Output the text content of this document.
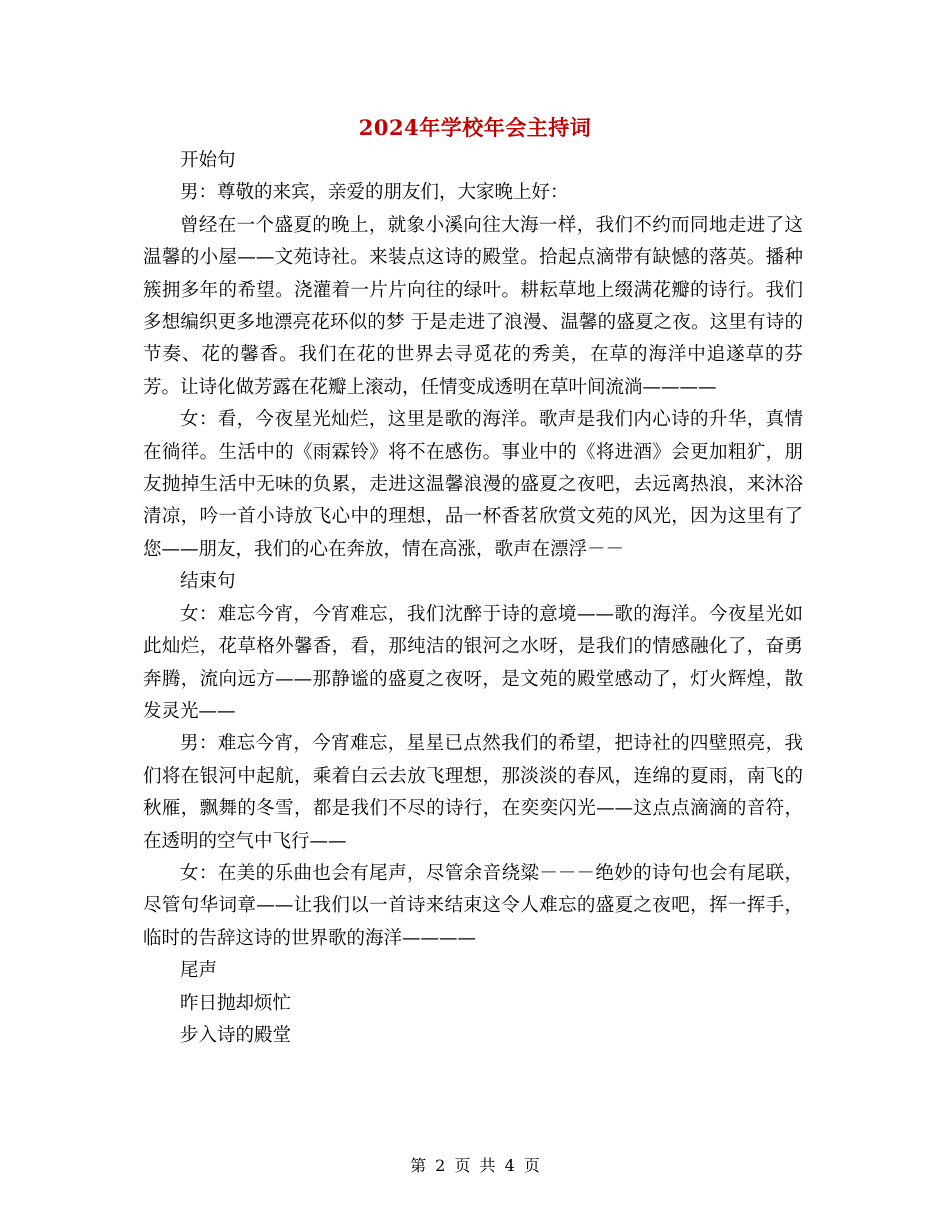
2024年学校年会主持词

开始句

男：尊敬的来宾，亲爱的朋友们，大家晚上好：

曾经在一个盛夏的晚上，就象小溪向往大海一样，我们不约而同地走进了这温馨的小屋——文苑诗社。来装点这诗的殿堂。拾起点滴带有缺憾的落英。播种簇拥多年的希望。浇灌着一片片向往的绿叶。耕耘草地上缀满花瓣的诗行。我们多想编织更多地漂亮花环似的梦 于是走进了浪漫、温馨的盛夏之夜。这里有诗的节奏、花的馨香。我们在花的世界去寻觅花的秀美，在草的海洋中追遂草的芬芳。让诗化做芳露在花瓣上滚动，任情变成透明在草叶间流淌————

女：看，今夜星光灿烂，这里是歌的海洋。歌声是我们内心诗的升华，真情在徜徉。生活中的《雨霖铃》将不在感伤。事业中的《将进酒》会更加粗犷，朋友抛掉生活中无味的负累，走进这温馨浪漫的盛夏之夜吧，去远离热浪，来沐浴清凉，吟一首小诗放飞心中的理想，品一杯香茗欣赏文苑的风光，因为这里有了您——朋友，我们的心在奔放，情在高涨，歌声在漂浮－－

结束句

女：难忘今宵，今宵难忘，我们沈醉于诗的意境——歌的海洋。今夜星光如此灿烂，花草格外馨香，看，那纯洁的银河之水呀，是我们的情感融化了，奋勇奔腾，流向远方——那静谧的盛夏之夜呀，是文苑的殿堂感动了，灯火辉煌，散发灵光——

男：难忘今宵，今宵难忘，星星已点然我们的希望，把诗社的四壁照亮，我们将在银河中起航，乘着白云去放飞理想，那淡淡的春风，连绵的夏雨，南飞的秋雁，飘舞的冬雪，都是我们不尽的诗行，在奕奕闪光——这点点滴滴的音符，在透明的空气中飞行——

女：在美的乐曲也会有尾声，尽管余音绕粱－－－绝妙的诗句也会有尾联，尽管句华词章——让我们以一首诗来结束这令人难忘的盛夏之夜吧，挥一挥手，临时的告辞这诗的世界歌的海洋————

尾声

昨日抛却烦忙

步入诗的殿堂

第 2 页 共 4 页
